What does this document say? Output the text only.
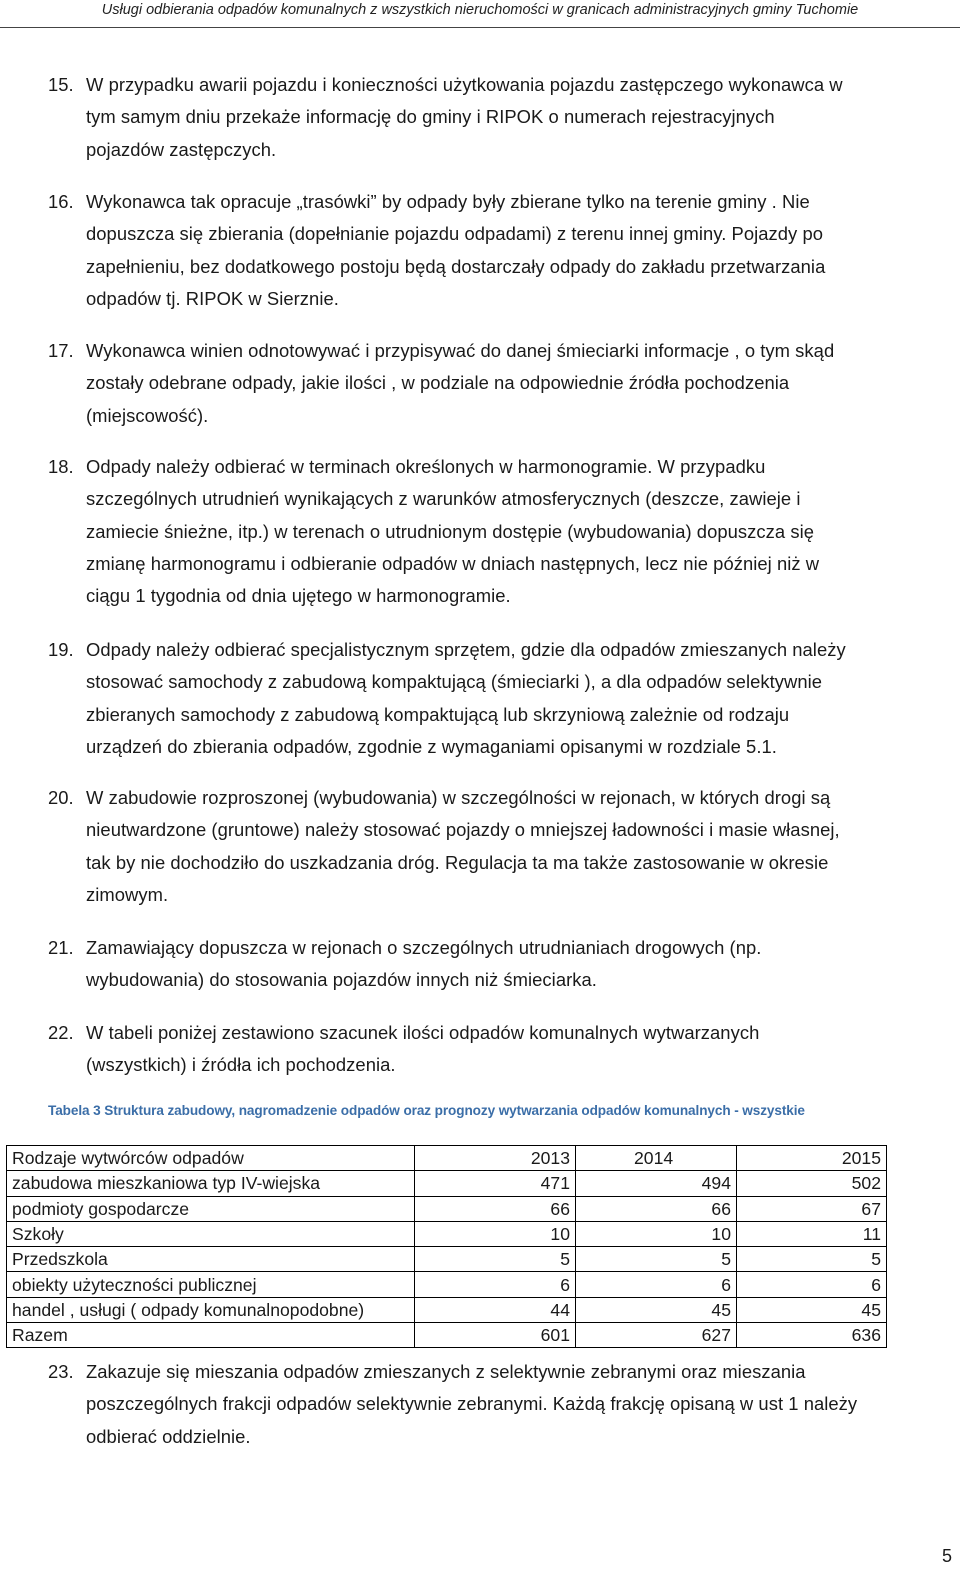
Usługi odbierania odpadów komunalnych z wszystkich nieruchomości w granicach administracyjnych gminy Tuchomie
15. W przypadku awarii pojazdu i konieczności użytkowania pojazdu zastępczego wykonawca w
tym samym dniu przekaże informację do gminy i RIPOK o numerach rejestracyjnych
pojazdów zastępczych.
16. Wykonawca tak opracuje „trasówki” by odpady były zbierane tylko na terenie gminy . Nie
dopuszcza się zbierania (dopełnianie pojazdu odpadami) z terenu innej gminy. Pojazdy po
zapełnieniu, bez dodatkowego postoju będą dostarczały odpady do zakładu przetwarzania
odpadów tj. RIPOK w Sierznie.
17. Wykonawca winien odnotowywać i przypisywać do danej śmieciarki informacje , o tym skąd
zostały odebrane odpady, jakie ilości , w podziale na odpowiednie źródła pochodzenia
(miejscowość).
18. Odpady należy odbierać w terminach określonych w harmonogramie. W przypadku
szczególnych utrudnień wynikających z warunków atmosferycznych (deszcze, zawieje i
zamiecie śnieżne, itp.) w terenach o utrudnionym dostępie (wybudowania) dopuszcza się
zmianę harmonogramu i odbieranie odpadów w dniach następnych, lecz nie później niż w
ciągu 1 tygodnia od dnia ujętego w harmonogramie.
19. Odpady należy odbierać specjalistycznym sprzętem, gdzie dla odpadów zmieszanych należy
stosować samochody z zabudową kompaktującą (śmieciarki ), a dla odpadów selektywnie
zbieranych samochody z zabudową kompaktującą lub skrzyniową zależnie od rodzaju
urządzeń do zbierania odpadów, zgodnie z wymaganiami opisanymi w rozdziale 5.1.
20. W zabudowie rozproszonej (wybudowania) w szczególności w rejonach, w których drogi są
nieutwardzone (gruntowe) należy stosować pojazdy o mniejszej ładowności i masie własnej,
tak by nie dochodziło do uszkadzania dróg. Regulacja ta ma także zastosowanie w okresie
zimowym.
21. Zamawiający dopuszcza w rejonach o szczególnych utrudnianiach drogowych (np.
wybudowania) do stosowania pojazdów innych niż śmieciarka.
22. W tabeli poniżej zestawiono szacunek ilości odpadów komunalnych wytwarzanych
(wszystkich) i źródła ich pochodzenia.
Tabela 3 Struktura zabudowy, nagromadzenie odpadów oraz prognozy wytwarzania odpadów komunalnych - wszystkie
Rodzaje wytwórców odpadów	2013	2014	2015
zabudowa mieszkaniowa typ IV-wiejska	471	494	502
podmioty gospodarcze	66	66	67
Szkoły	10	10	11
Przedszkola	5	5	5
obiekty użyteczności publicznej	6	6	6
handel , usługi ( odpady komunalnopodobne)	44	45	45
Razem	601	627	636
23. Zakazuje się mieszania odpadów zmieszanych z selektywnie zebranymi oraz mieszania
poszczególnych frakcji odpadów selektywnie zebranymi. Każdą frakcję opisaną w ust 1 należy
odbierać oddzielnie.
5
